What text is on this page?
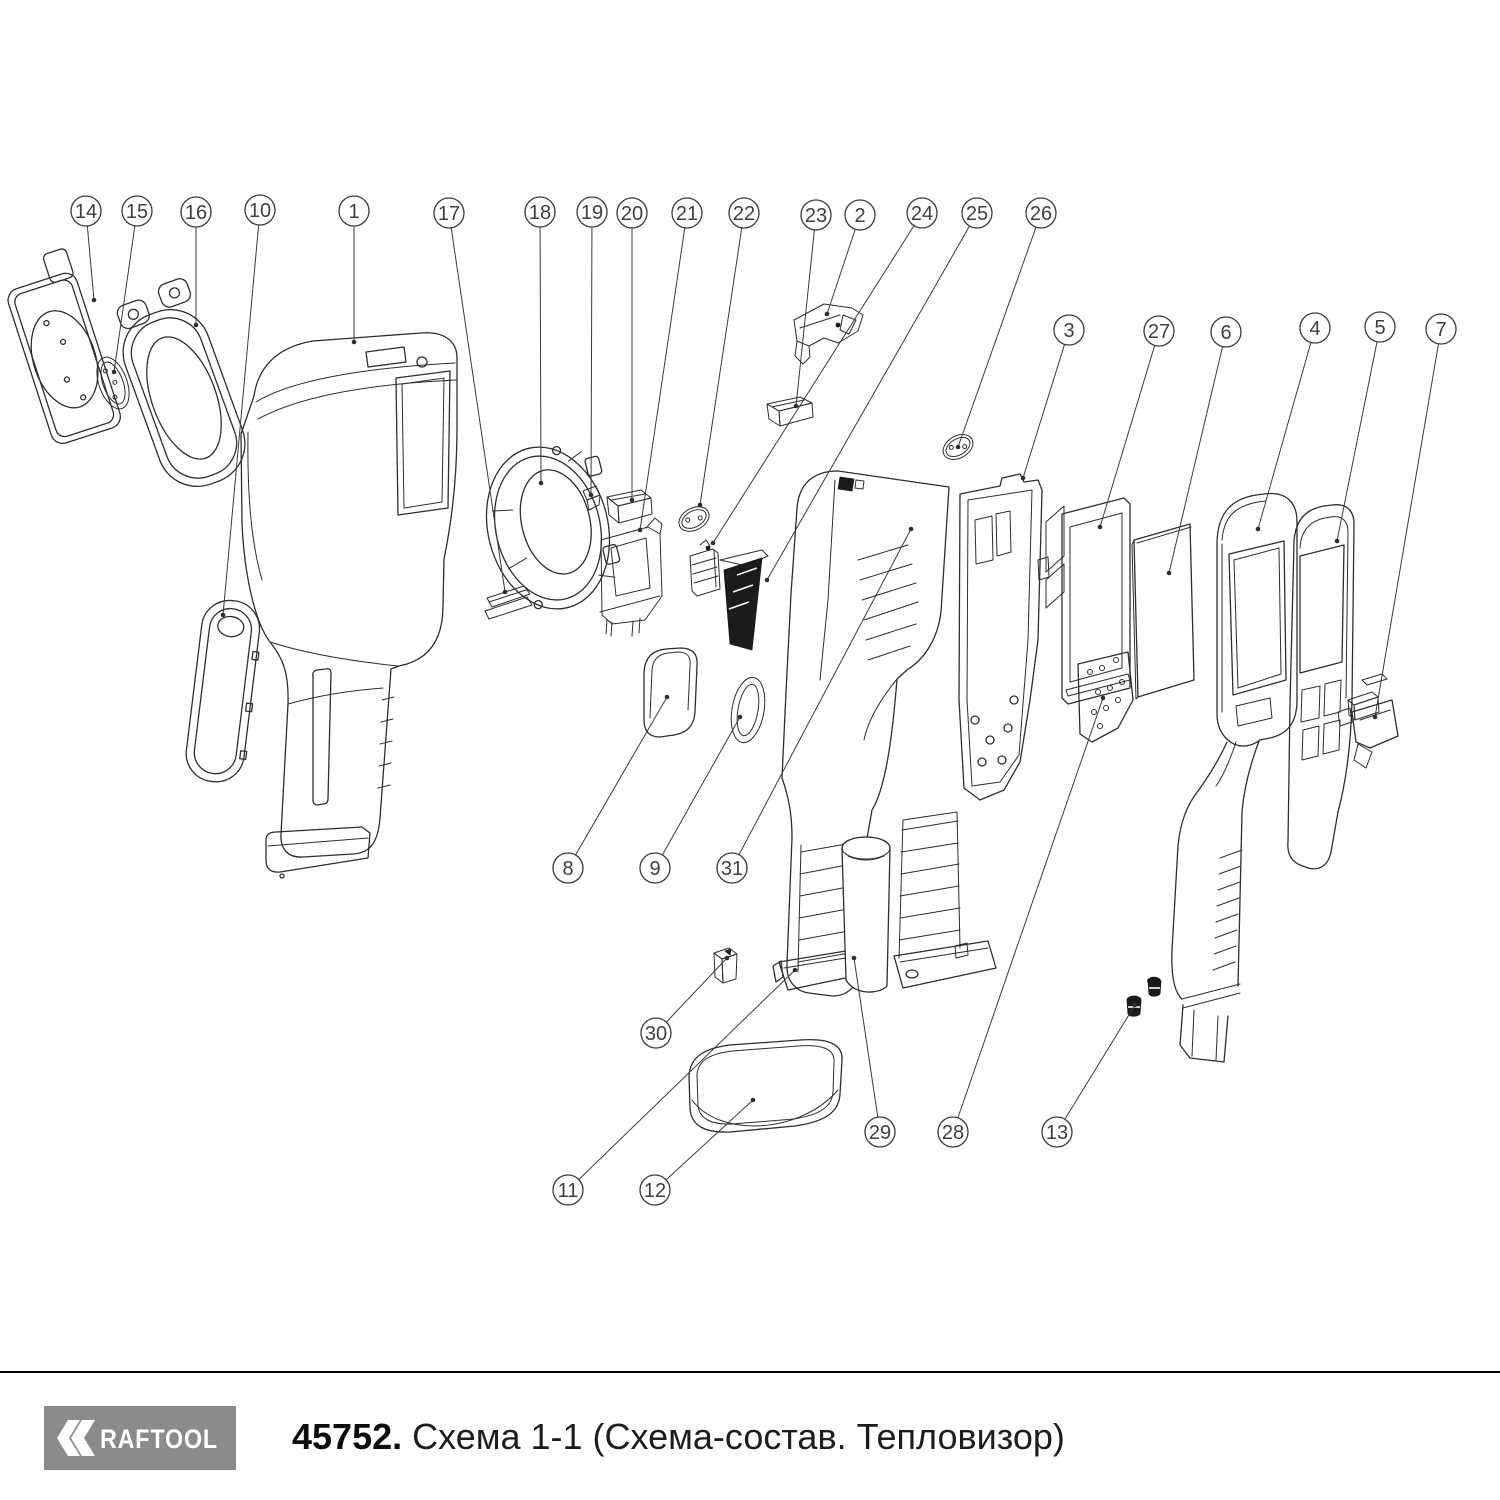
1	2
3	4	5
6	7
8	9
10
11	12
13
14 15 16	17	18 19 20 21 22 23	24 25 26
27
28
29
30
31
RAFTOOL 45752. Схема 1-1 (Схема-состав. Тепловизор)
